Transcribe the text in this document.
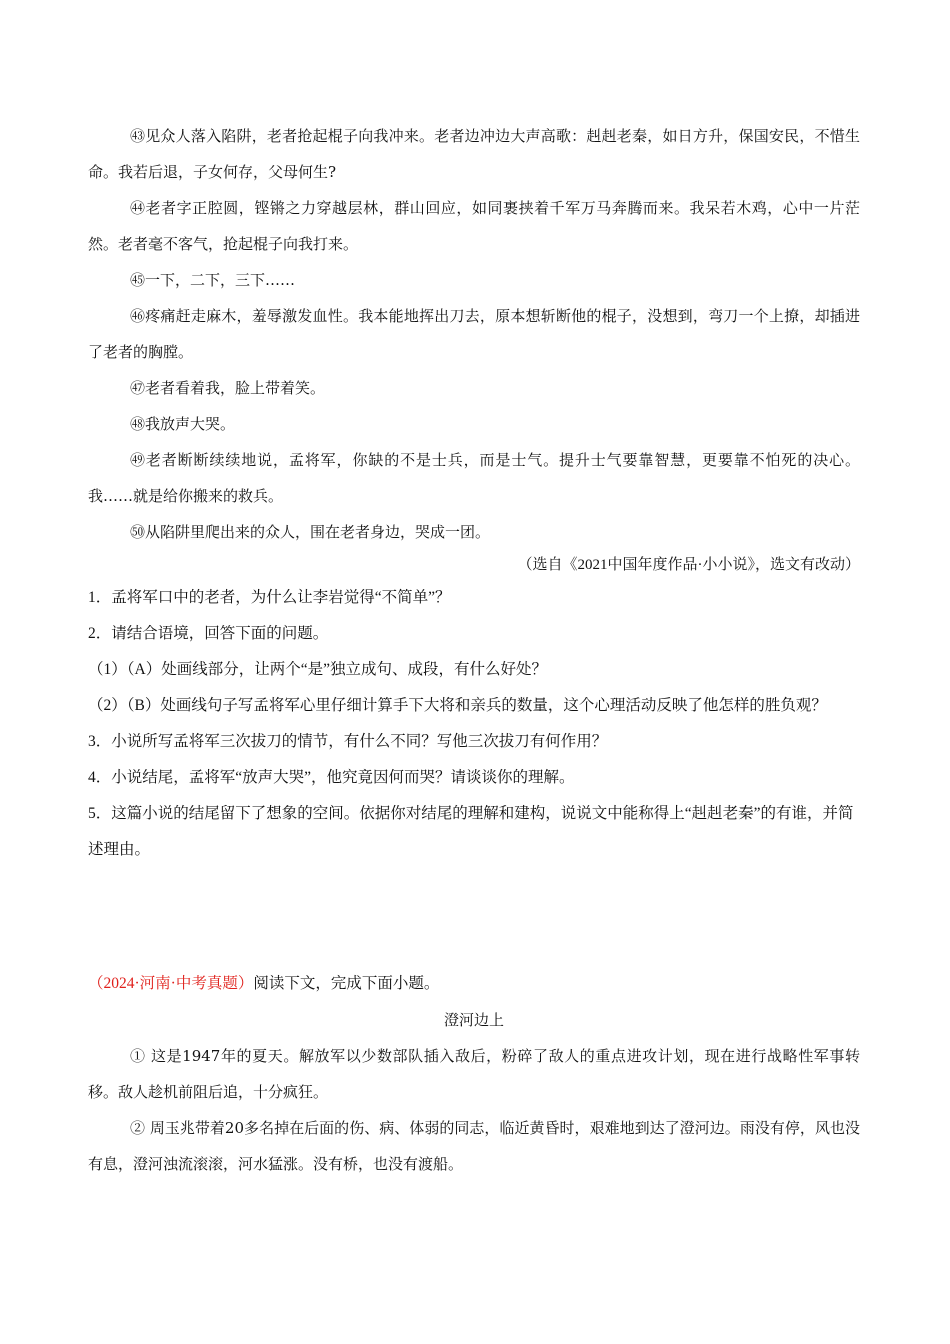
㊸见众人落入陷阱，老者抢起棍子向我冲来。老者边冲边大声高歌：赳赳老秦，如日方升，保国安民，不惜生命。我若后退，子女何存，父母何生?

㊹老者字正腔圆，铿锵之力穿越层林，群山回应，如同裹挟着千军万马奔腾而来。我呆若木鸡，心中一片茫然。老者毫不客气，抢起棍子向我打来。

㊺一下，二下，三下……

㊻疼痛赶走麻木，羞辱激发血性。我本能地挥出刀去，原本想斩断他的棍子，没想到，弯刀一个上撩，却插进了老者的胸膛。

㊼老者看着我，脸上带着笑。

㊽我放声大哭。

㊾老者断断续续地说，孟将军，你缺的不是士兵，而是士气。提升士气要靠智慧，更要靠不怕死的决心。我……就是给你搬来的救兵。

㊿从陷阱里爬出来的众人，围在老者身边，哭成一团。

（选自《2021中国年度作品·小小说》，选文有改动）

1．孟将军口中的老者，为什么让李岩觉得“不简单”？

2．请结合语境，回答下面的问题。

（1）（A）处画线部分，让两个“是”独立成句、成段，有什么好处？

（2）（B）处画线句子写孟将军心里仔细计算手下大将和亲兵的数量，这个心理活动反映了他怎样的胜负观？

3．小说所写孟将军三次拔刀的情节，有什么不同？写他三次拔刀有何作用？

4．小说结尾，孟将军“放声大哭”，他究竟因何而哭？请谈谈你的理解。

5．这篇小说的结尾留下了想象的空间。依据你对结尾的理解和建构，说说文中能称得上“赳赳老秦”的有谁，并简述理由。

（2024·河南·中考真题）阅读下文，完成下面小题。

澄河边上

① 这是1947年的夏天。解放军以少数部队插入敌后，粉碎了敌人的重点进攻计划，现在进行战略性军事转移。敌人趁机前阻后追，十分疯狂。

② 周玉兆带着20多名掉在后面的伤、病、体弱的同志，临近黄昏时，艰难地到达了澄河边。雨没有停，风也没有息，澄河浊流滚滚，河水猛涨。没有桥，也没有渡船。
